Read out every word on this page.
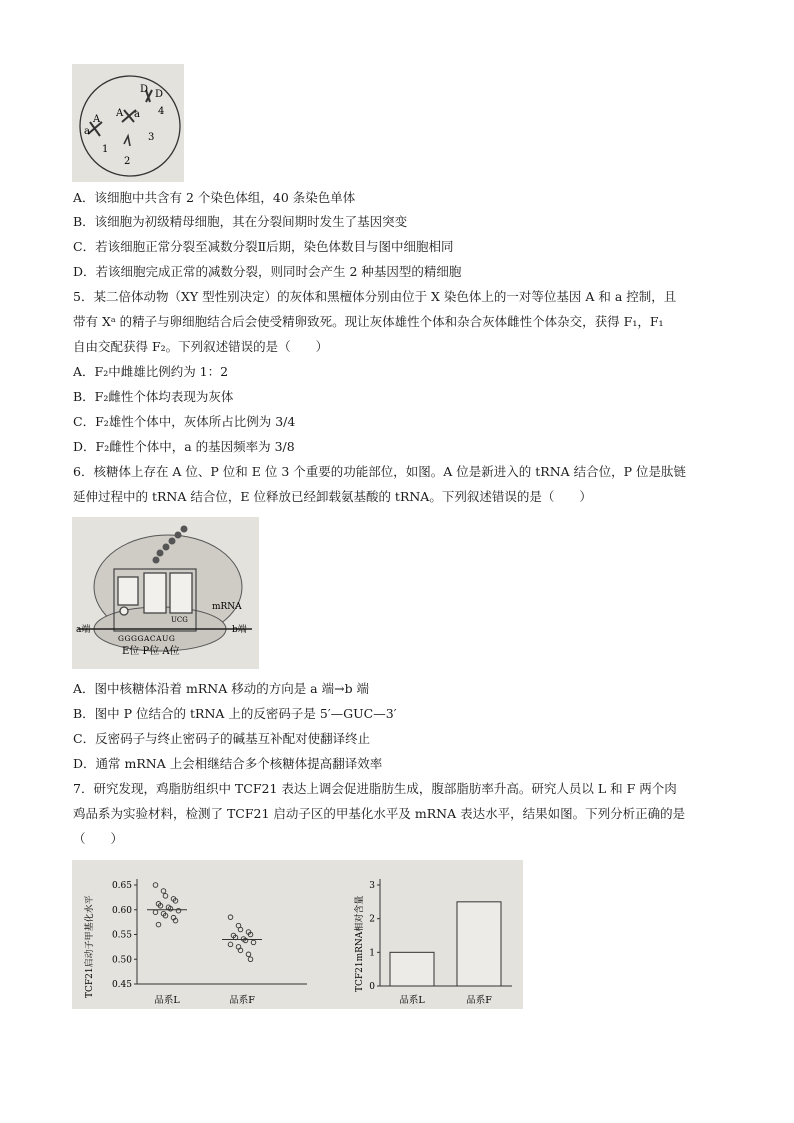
A
a
A a
D D
1
2
3
4
A．该细胞中共含有 2 个染色体组，40 条染色单体
B．该细胞为初级精母细胞，其在分裂间期时发生了基因突变
C．若该细胞正常分裂至减数分裂Ⅱ后期，染色体数目与图中细胞相同
D．若该细胞完成正常的减数分裂，则同时会产生 2 种基因型的精细胞
5．某二倍体动物（XY 型性别决定）的灰体和黑檀体分别由位于 X 染色体上的一对等位基因 A 和 a 控制，且
带有 Xᵃ 的精子与卵细胞结合后会使受精卵致死。现让灰体雄性个体和杂合灰体雌性个体杂交，获得 F₁，F₁
自由交配获得 F₂。下列叙述错误的是（　　）
A．F₂中雌雄比例约为 1：2
B．F₂雌性个体均表现为灰体
C．F₂雄性个体中，灰体所占比例为 3/4
D．F₂雌性个体中，a 的基因频率为 3/8
6．核糖体上存在 A 位、P 位和 E 位 3 个重要的功能部位，如图。A 位是新进入的 tRNA 结合位，P 位是肽链
延伸过程中的 tRNA 结合位，E 位释放已经卸载氨基酸的 tRNA。下列叙述错误的是（　　）
UCG
GGGGACAUG
mRNA
a端	b端
E位 P位 A位
A．图中核糖体沿着 mRNA 移动的方向是 a 端→b 端
B．图中 P 位结合的 tRNA 上的反密码子是 5′—GUC—3′
C．反密码子与终止密码子的碱基互补配对使翻译终止
D．通常 mRNA 上会相继结合多个核糖体提高翻译效率
7．研究发现，鸡脂肪组织中 TCF21 表达上调会促进脂肪生成，腹部脂肪率升高。研究人员以 L 和 F 两个肉
鸡品系为实验材料，检测了 TCF21 启动子区的甲基化水平及 mRNA 表达水平，结果如图。下列分析正确的是
（　　）
TCF21启动子甲基化水平	TCF21mRNA相对含量
0.65
0.60
0.55
0.50
0.45
品系L	品系F
3
2
1
0
品系L	品系F
